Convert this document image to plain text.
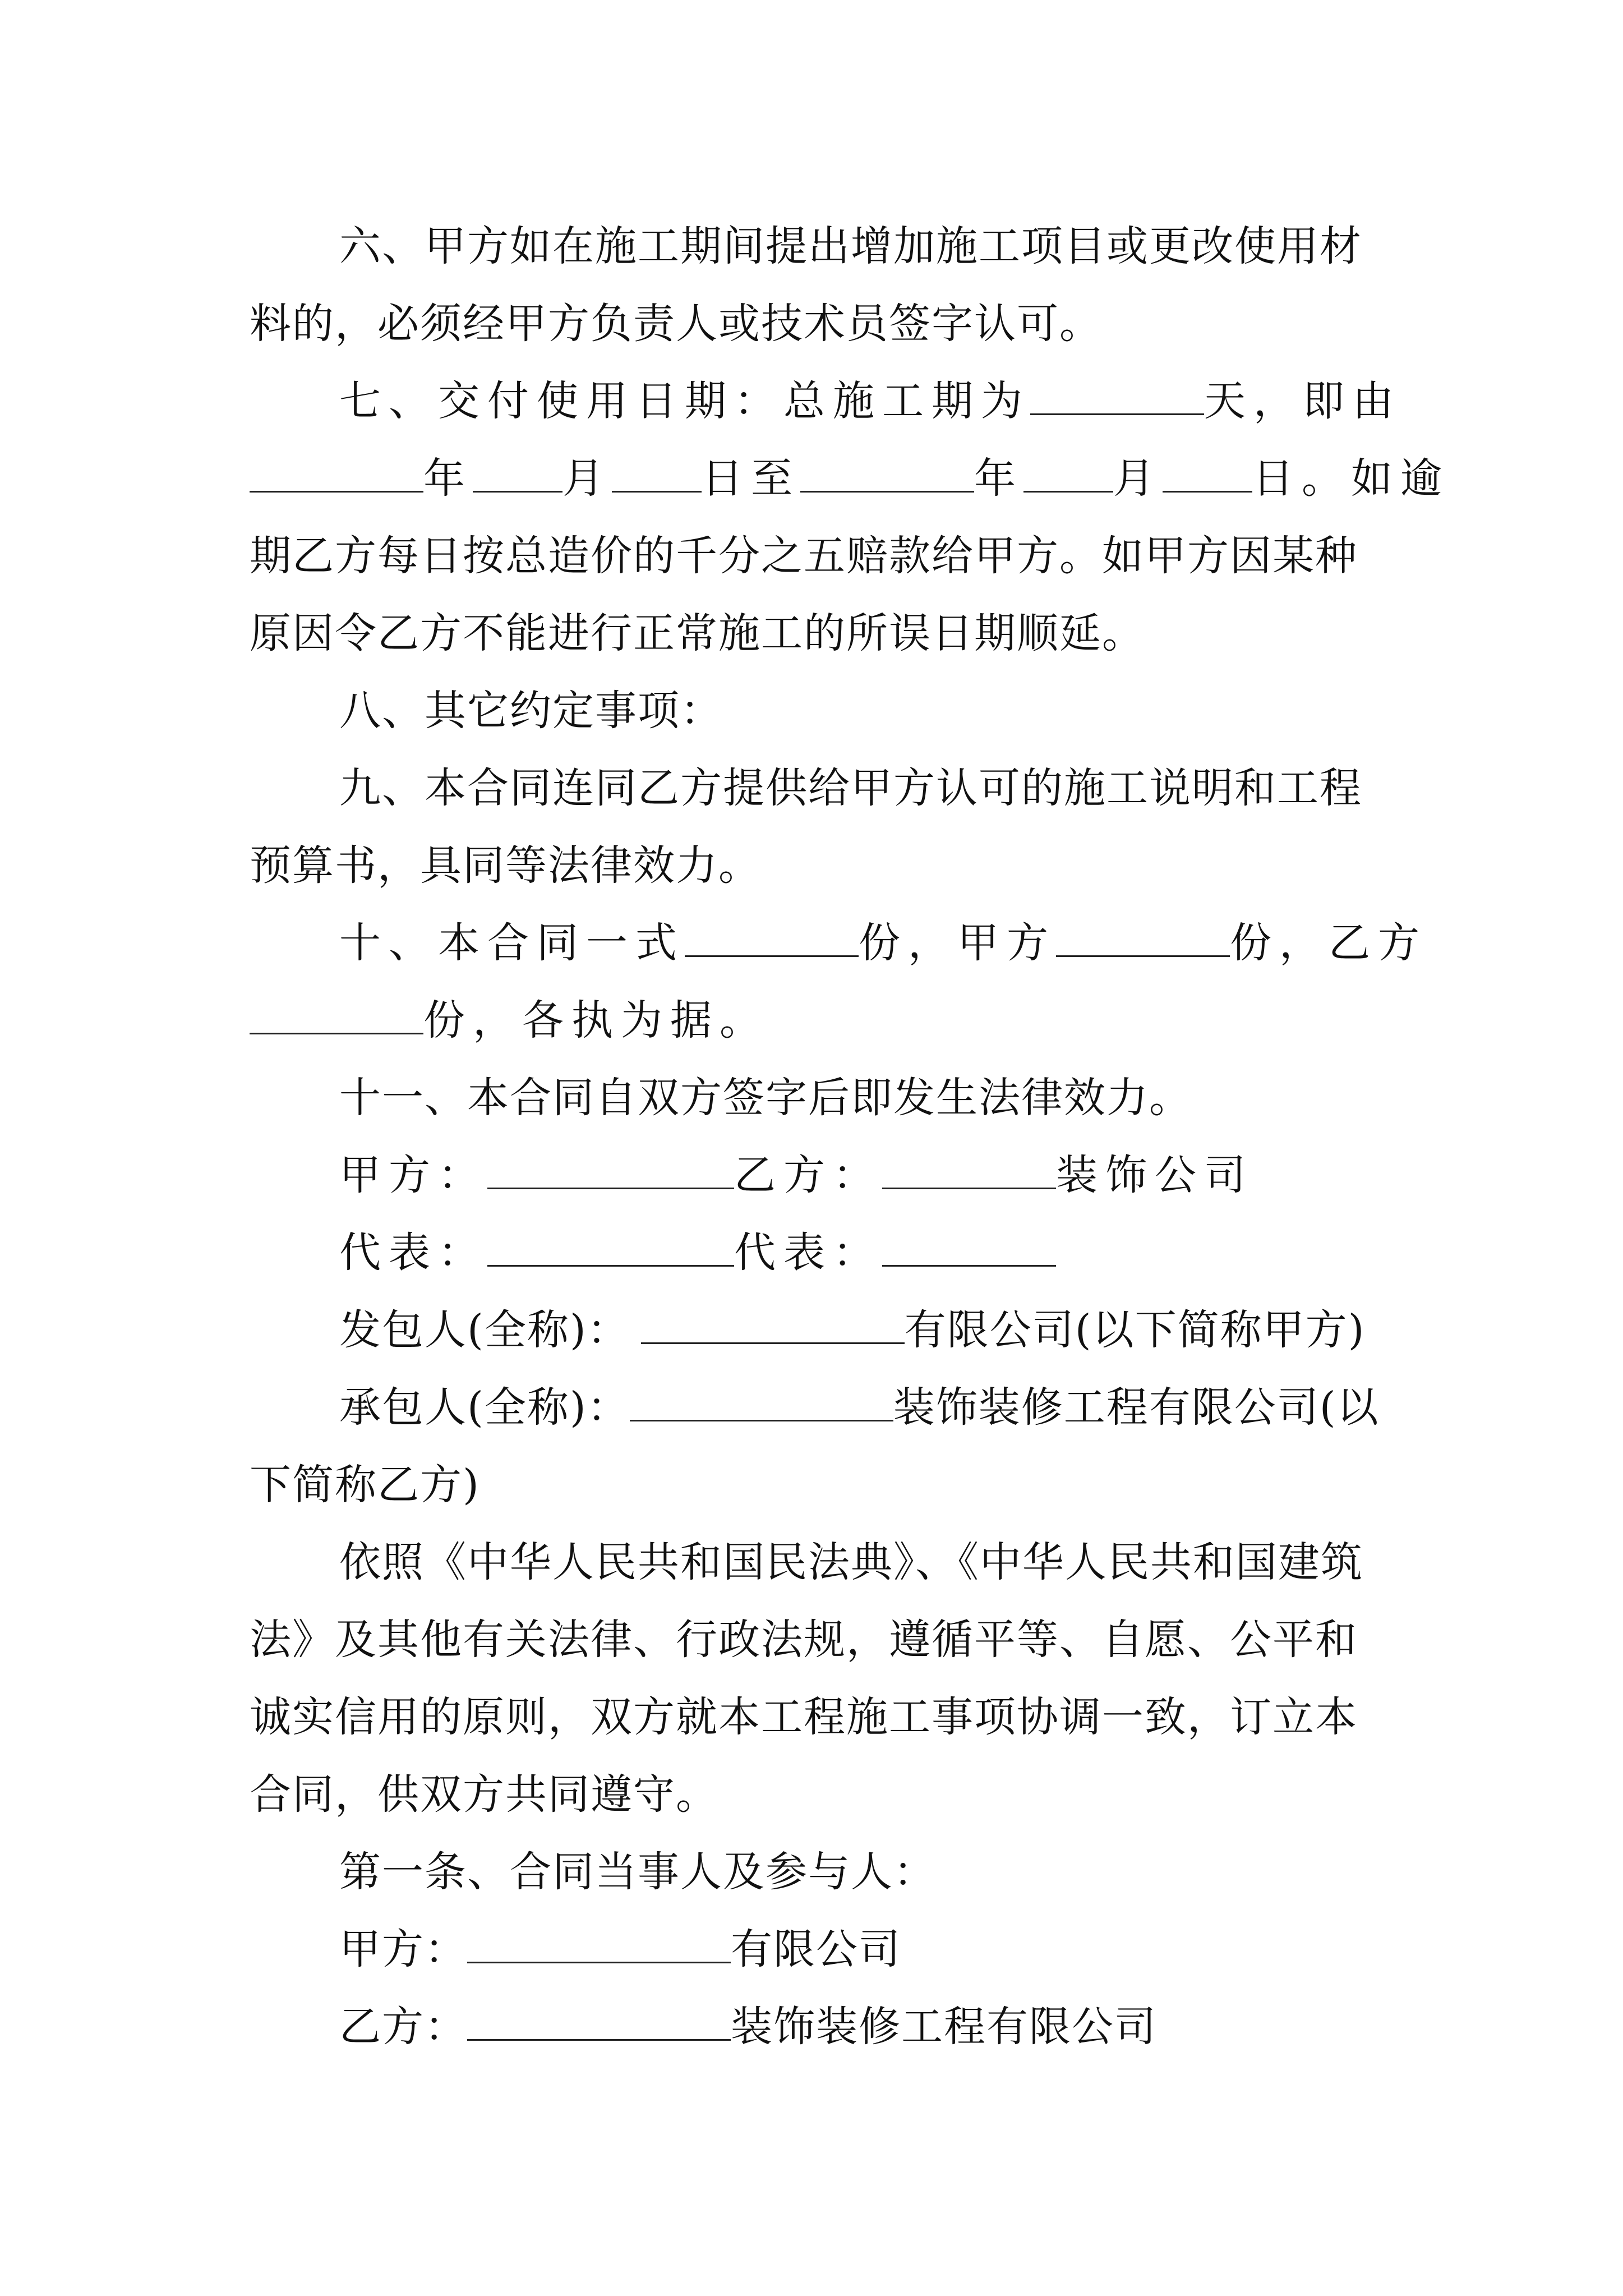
六、甲方如在施工期间提出增加施工项目或更改使用材
料的，必须经甲方负责人或技术员签字认可。
七、交付使用日期：总施工期为	天，即由
年 月 日至	年 月 日。如逾
期乙方每日按总造价的千分之五赔款给甲方。如甲方因某种
原因令乙方不能进行正常施工的所误日期顺延。
八、其它约定事项：
九、本合同连同乙方提供给甲方认可的施工说明和工程
预算书，具同等法律效力。
十、本合同一式	份，甲方	份，乙方
份，各执为据。
十一、本合同自双方签字后即发生法律效力。
甲方：	乙方：	装饰公司
代表：	代表：
发包人(全称)：	有限公司(以下简称甲方)
承包人(全称)：	装饰装修工程有限公司(以
下简称乙方)
依照《中华人民共和国民法典》、《中华人民共和国建筑
法》及其他有关法律、行政法规，遵循平等、自愿、公平和
诚实信用的原则，双方就本工程施工事项协调一致，订立本
合同，供双方共同遵守。
第一条、合同当事人及参与人：
甲方：	有限公司
乙方：	装饰装修工程有限公司
